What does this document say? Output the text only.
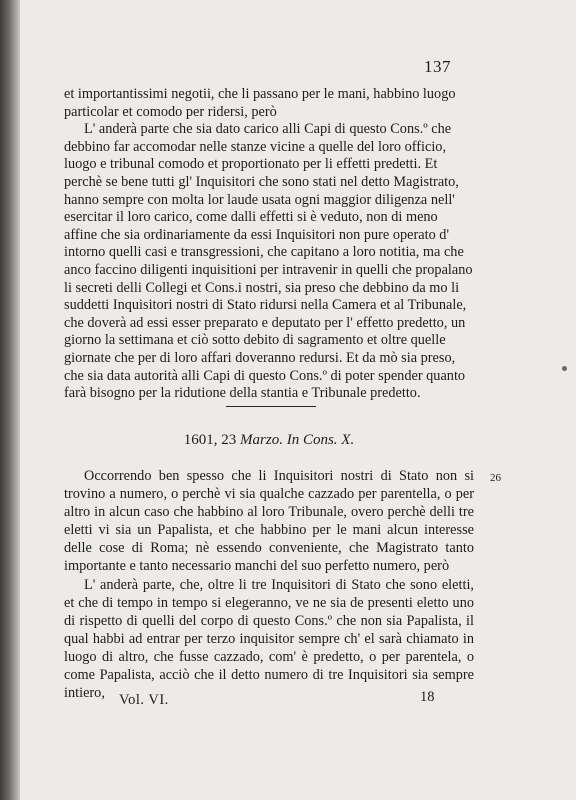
137

et importantissimi negotii, che li passano per le mani, habbino luogo particolar et comodo per ridersi, però

L' anderà parte che sia dato carico alli Capi di questo Cons.º che debbino far accomodar nelle stanze vicine a quelle del loro officio, luogo e tribunal comodo et proportionato per li effetti predetti. Et perchè se bene tutti gl' Inquisitori che sono stati nel detto Magistrato, hanno sempre con molta lor laude usata ogni maggior diligenza nell' esercitar il loro carico, come dalli effetti si è veduto, non di meno affine che sia ordinariamente da essi Inquisitori non pure operato d' intorno quelli casi e transgressioni, che capitano a loro notitia, ma che anco faccino diligenti inquisitioni per intravenir in quelli che propalano li secreti delli Collegi et Cons.i nostri, sia preso che debbino da mo li suddetti Inquisitori nostri di Stato ridursi nella Camera et al Tribunale, che doverà ad essi esser preparato e deputato per l' effetto predetto, un giorno la settimana et ciò sotto debito di sagramento et oltre quelle giornate che per di loro affari doveranno redursi. Et da mò sia preso, che sia data autorità alli Capi di questo Cons.º di poter spender quanto farà bisogno per la ridutione della stantia e Tribunale predetto.

1601, 23 Marzo. In Cons. X.
26

Occorrendo ben spesso che li Inquisitori nostri di Stato non si trovino a numero, o perchè vi sia qualche cazzado per parentella, o per altro in alcun caso che habbino al loro Tribunale, overo perchè delli tre eletti vi sia un Papalista, et che habbino per le mani alcun interesse delle cose di Roma; nè essendo conveniente, che Magistrato tanto importante e tanto necessario manchi del suo perfetto numero, però

L' anderà parte, che, oltre li tre Inquisitori di Stato che sono eletti, et che di tempo in tempo si elegeranno, ve ne sia de presenti eletto uno di rispetto di quelli del corpo di questo Cons.º che non sia Papalista, il qual habbi ad entrar per terzo inquisitor sempre ch' el sarà chiamato in luogo di altro, che fusse cazzado, com' è predetto, o per parentela, o come Papalista, acciò che il detto numero di tre Inquisitori sia sempre intiero, Vol. VI.	18
